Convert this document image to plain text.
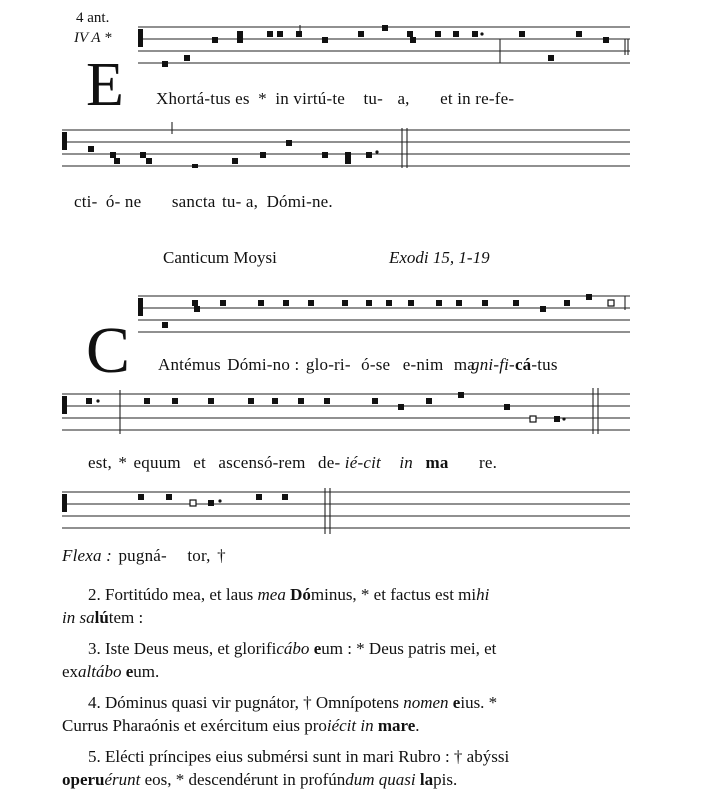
4 ant.
IV A *
E Xhortá-tus es * in virtú-te tu- a, et in re-fe-
cti- ó- ne sancta tu- a, Dómi-ne.
Canticum Moysi	Exodi 15, 1-19
C Antémus Dómi-no : glo-ri- ó-se e-nim magni-fi-cá-tus
est, * equum et ascensó-rem de- ié-cit in ma re.
Flexa : pugná- tor, †
2. Fortitúdo mea, et laus mea Dóminus, * et factus est mihi
in salútem :
3. Iste Deus meus, et glorificábo eum : * Deus patris mei, et
exaltábo eum.
4. Dóminus quasi vir pugnátor, † Omnípotens nomen eius. *
Currus Pharaónis et exércitum eius proiécit in mare.
5. Elécti príncipes eius submérsi sunt in mari Rubro : † abýssi
operuérunt eos, * descendérunt in profúndum quasi lapis.
